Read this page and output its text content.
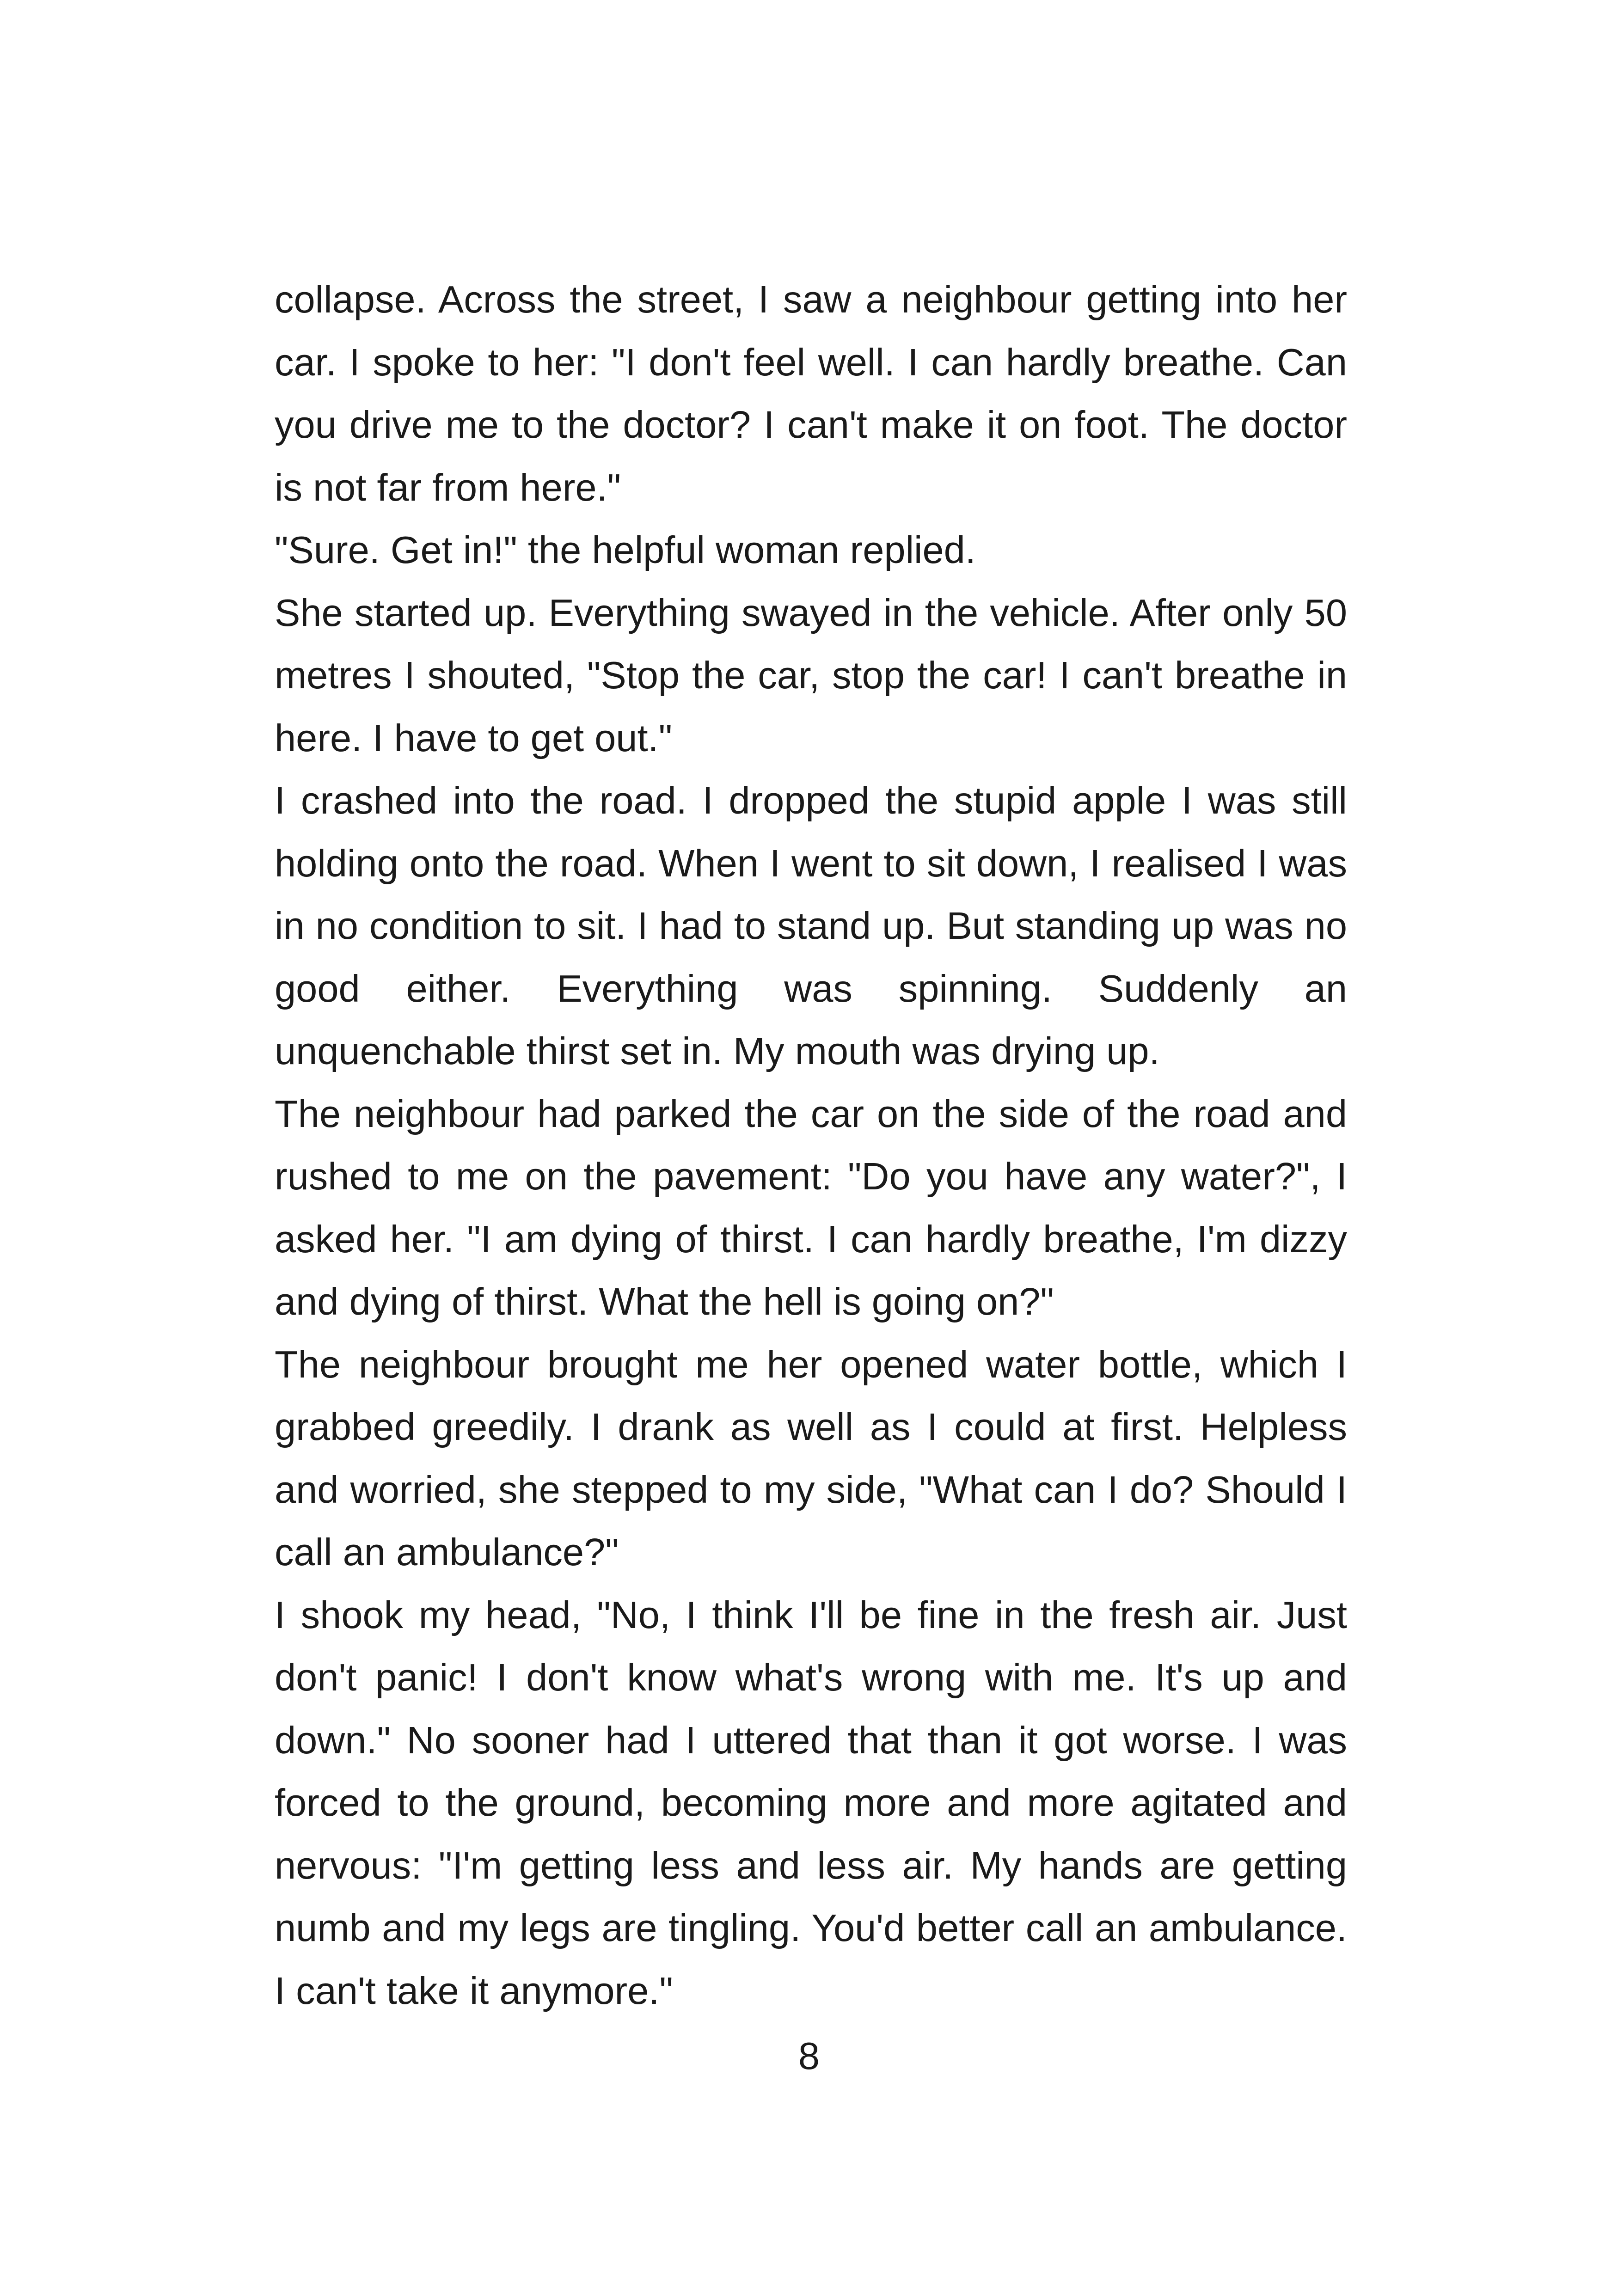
collapse. Across the street, I saw a neighbour getting into her car. I spoke to her: "I don't feel well. I can hardly breathe. Can you drive me to the doctor? I can't make it on foot. The doctor is not far from here."

"Sure. Get in!" the helpful woman replied.

She started up. Everything swayed in the vehicle. After only 50 metres I shouted, "Stop the car, stop the car! I can't breathe in here. I have to get out."

I crashed into the road. I dropped the stupid apple I was still holding onto the road. When I went to sit down, I realised I was in no condition to sit. I had to stand up. But standing up was no good either. Everything was spinning. Suddenly an unquenchable thirst set in. My mouth was drying up.

The neighbour had parked the car on the side of the road and rushed to me on the pavement: "Do you have any water?", I asked her. "I am dying of thirst. I can hardly breathe, I'm dizzy and dying of thirst. What the hell is going on?"

The neighbour brought me her opened water bottle, which I grabbed greedily. I drank as well as I could at first. Helpless and worried, she stepped to my side, "What can I do? Should I call an ambulance?"

I shook my head, "No, I think I'll be fine in the fresh air. Just don't panic! I don't know what's wrong with me. It's up and down." No sooner had I uttered that than it got worse. I was forced to the ground, becoming more and more agitated and nervous: "I'm getting less and less air. My hands are getting numb and my legs are tingling. You'd better call an ambulance. I can't take it anymore."

8
